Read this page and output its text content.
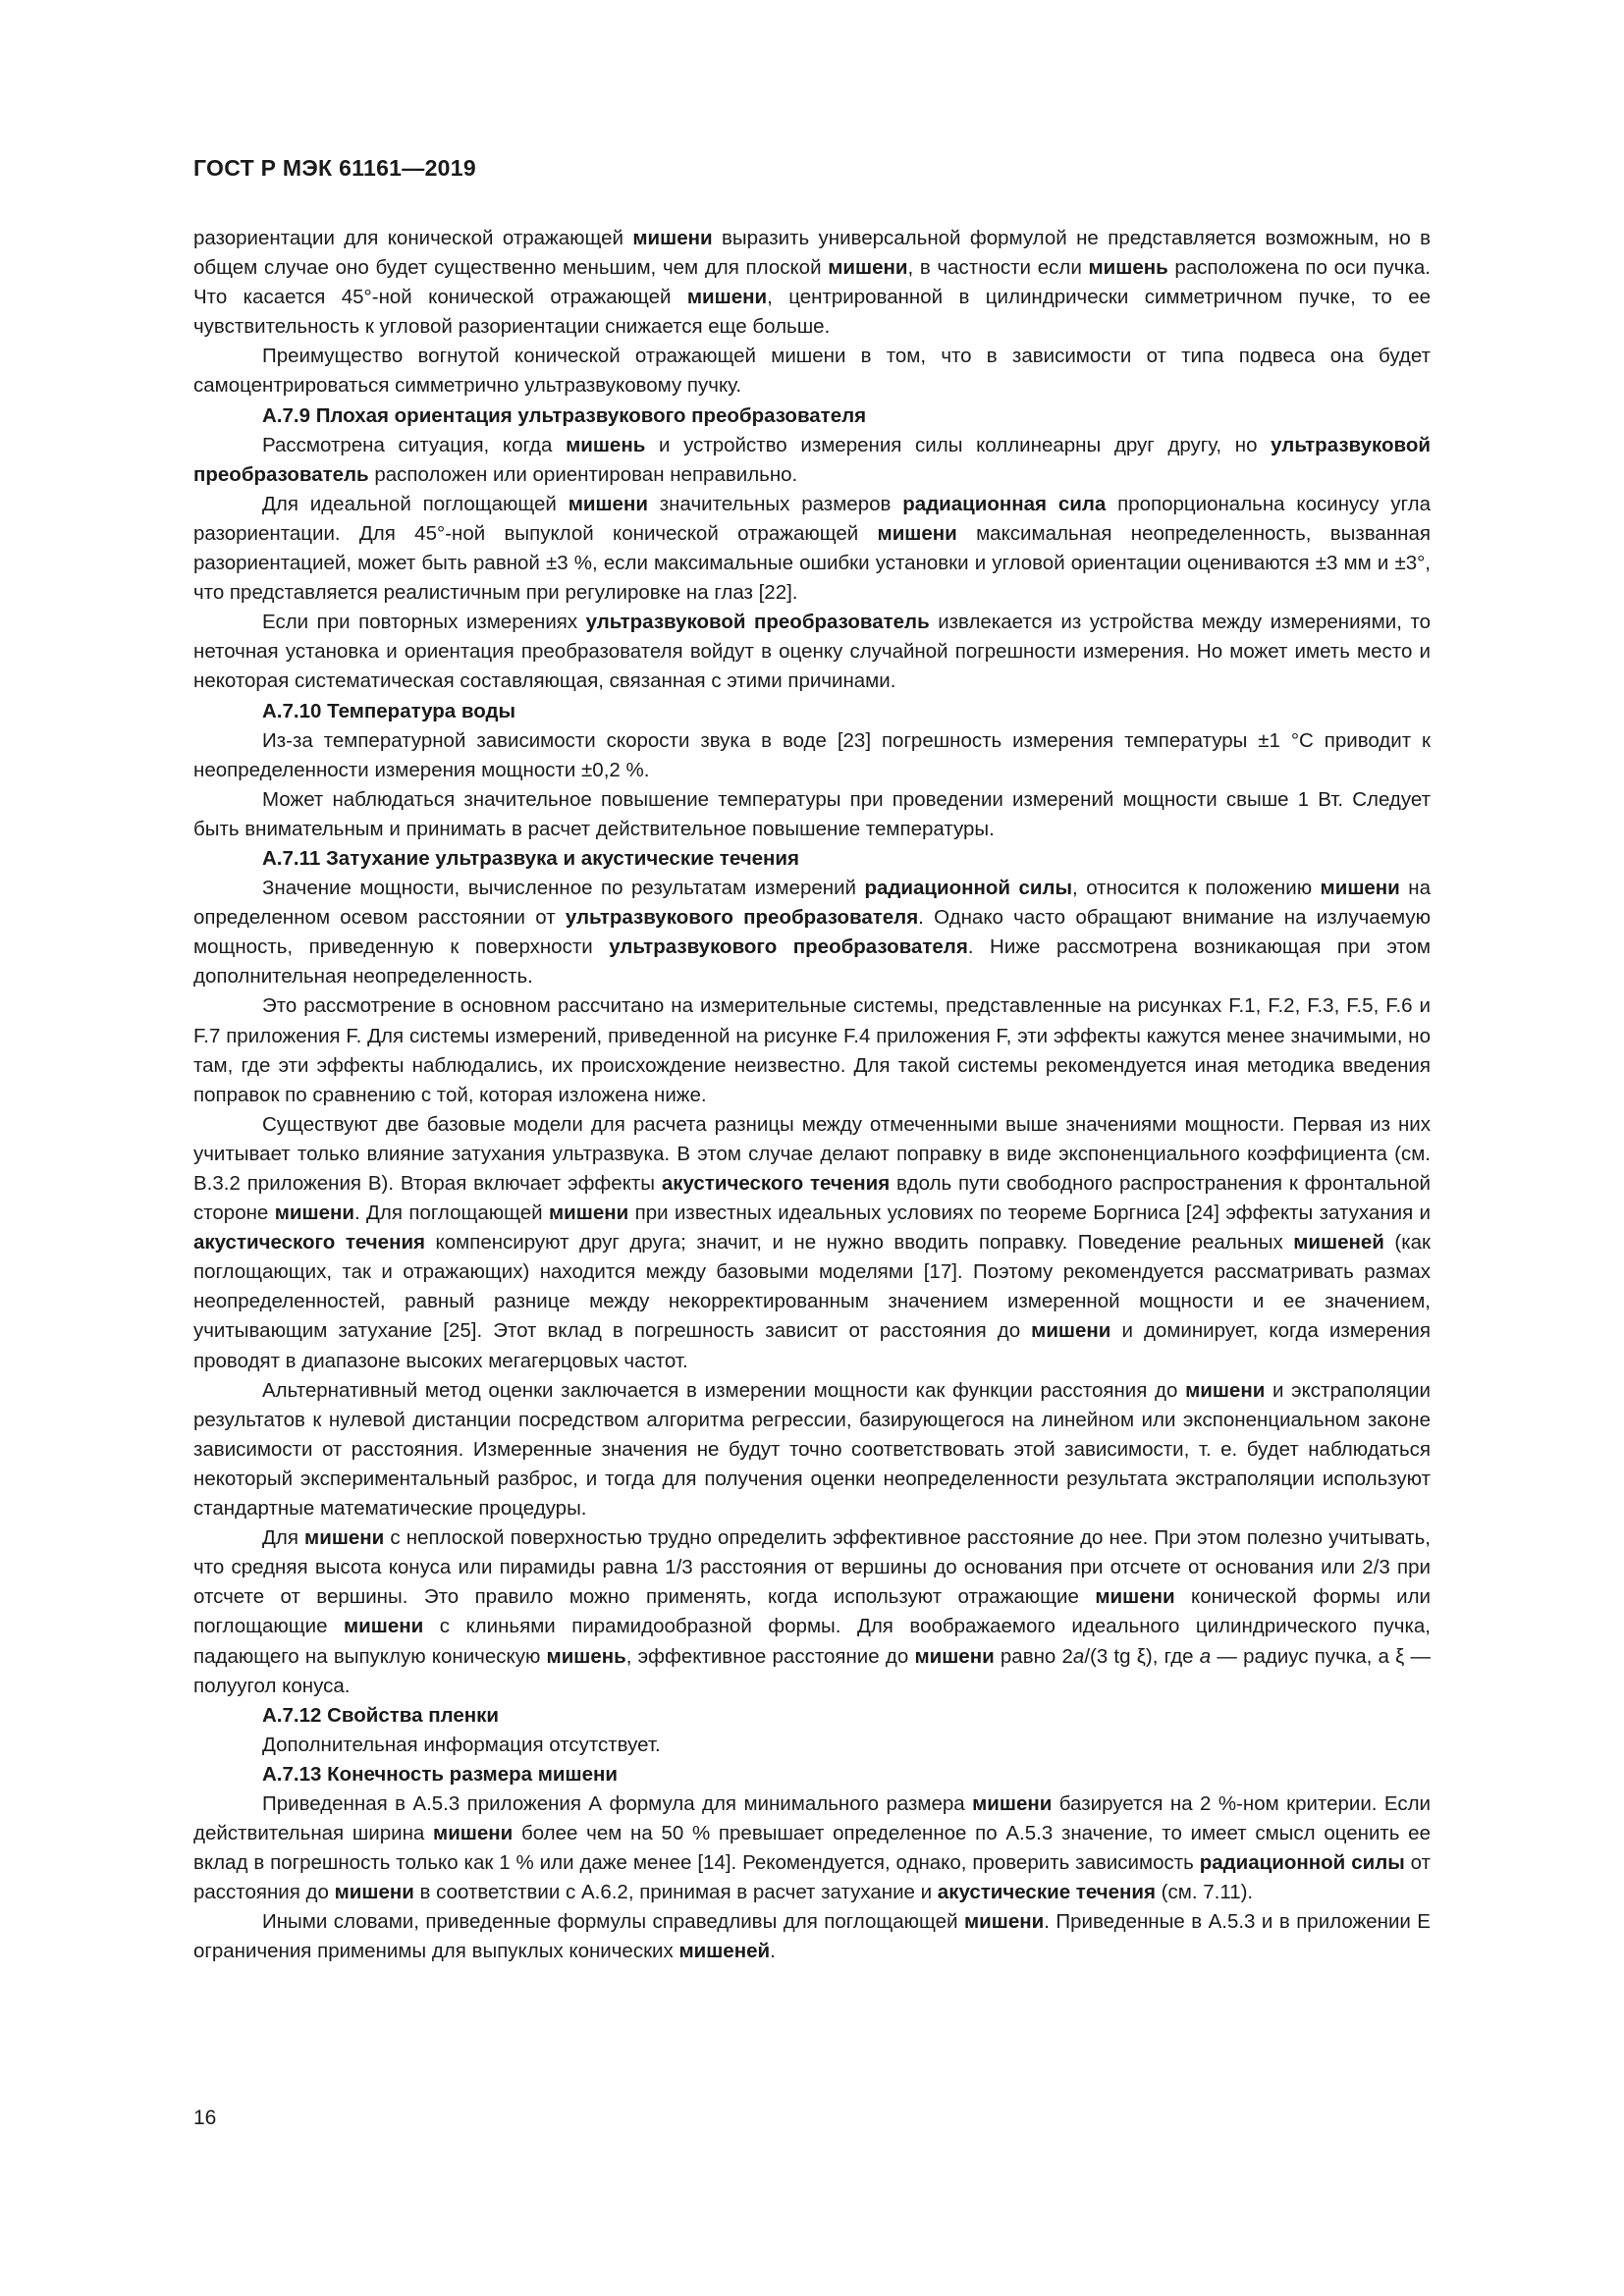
ГОСТ Р МЭК 61161—2019

разориентации для конической отражающей мишени выразить универсальной формулой не представляется возможным, но в общем случае оно будет существенно меньшим, чем для плоской мишени, в частности если мишень расположена по оси пучка. Что касается 45°-ной конической отражающей мишени, центрированной в цилиндрически симметричном пучке, то ее чувствительность к угловой разориентации снижается еще больше.

Преимущество вогнутой конической отражающей мишени в том, что в зависимости от типа подвеса она будет самоцентрироваться симметрично ультразвуковому пучку.

А.7.9 Плохая ориентация ультразвукового преобразователя

Рассмотрена ситуация, когда мишень и устройство измерения силы коллинеарны друг другу, но ультразвуковой преобразователь расположен или ориентирован неправильно.

Для идеальной поглощающей мишени значительных размеров радиационная сила пропорциональна косинусу угла разориентации. Для 45°-ной выпуклой конической отражающей мишени максимальная неопределенность, вызванная разориентацией, может быть равной ±3 %, если максимальные ошибки установки и угловой ориентации оцениваются ±3 мм и ±3°, что представляется реалистичным при регулировке на глаз [22].

Если при повторных измерениях ультразвуковой преобразователь извлекается из устройства между измерениями, то неточная установка и ориентация преобразователя войдут в оценку случайной погрешности измерения. Но может иметь место и некоторая систематическая составляющая, связанная с этими причинами.

А.7.10 Температура воды

Из-за температурной зависимости скорости звука в воде [23] погрешность измерения температуры ±1 °С приводит к неопределенности измерения мощности ±0,2 %.

Может наблюдаться значительное повышение температуры при проведении измерений мощности свыше 1 Вт. Следует быть внимательным и принимать в расчет действительное повышение температуры.

А.7.11 Затухание ультразвука и акустические течения

Значение мощности, вычисленное по результатам измерений радиационной силы, относится к положению мишени на определенном осевом расстоянии от ультразвукового преобразователя. Однако часто обращают внимание на излучаемую мощность, приведенную к поверхности ультразвукового преобразователя. Ниже рассмотрена возникающая при этом дополнительная неопределенность.

Это рассмотрение в основном рассчитано на измерительные системы, представленные на рисунках F.1, F.2, F.3, F.5, F.6 и F.7 приложения F. Для системы измерений, приведенной на рисунке F.4 приложения F, эти эффекты кажутся менее значимыми, но там, где эти эффекты наблюдались, их происхождение неизвестно. Для такой системы рекомендуется иная методика введения поправок по сравнению с той, которая изложена ниже.

Существуют две базовые модели для расчета разницы между отмеченными выше значениями мощности. Первая из них учитывает только влияние затухания ультразвука. В этом случае делают поправку в виде экспоненциального коэффициента (см. В.3.2 приложения В). Вторая включает эффекты акустического течения вдоль пути свободного распространения к фронтальной стороне мишени. Для поглощающей мишени при известных идеальных условиях по теореме Боргниса [24] эффекты затухания и акустического течения компенсируют друг друга; значит, и не нужно вводить поправку. Поведение реальных мишеней (как поглощающих, так и отражающих) находится между базовыми моделями [17]. Поэтому рекомендуется рассматривать размах неопределенностей, равный разнице между некорректированным значением измеренной мощности и ее значением, учитывающим затухание [25]. Этот вклад в погрешность зависит от расстояния до мишени и доминирует, когда измерения проводят в диапазоне высоких мегагерцовых частот.

Альтернативный метод оценки заключается в измерении мощности как функции расстояния до мишени и экстраполяции результатов к нулевой дистанции посредством алгоритма регрессии, базирующегося на линейном или экспоненциальном законе зависимости от расстояния. Измеренные значения не будут точно соответствовать этой зависимости, т. е. будет наблюдаться некоторый экспериментальный разброс, и тогда для получения оценки неопределенности результата экстраполяции используют стандартные математические процедуры.

Для мишени с неплоской поверхностью трудно определить эффективное расстояние до нее. При этом полезно учитывать, что средняя высота конуса или пирамиды равна 1/3 расстояния от вершины до основания при отсчете от основания или 2/3 при отсчете от вершины. Это правило можно применять, когда используют отражающие мишени конической формы или поглощающие мишени с клиньями пирамидообразной формы. Для воображаемого идеального цилиндрического пучка, падающего на выпуклую коническую мишень, эффективное расстояние до мишени равно 2a/(3 tg ξ), где a — радиус пучка, а ξ — полуугол конуса.

А.7.12 Свойства пленки

Дополнительная информация отсутствует.

А.7.13 Конечность размера мишени

Приведенная в А.5.3 приложения А формула для минимального размера мишени базируется на 2 %-ном критерии. Если действительная ширина мишени более чем на 50 % превышает определенное по А.5.3 значение, то имеет смысл оценить ее вклад в погрешность только как 1 % или даже менее [14]. Рекомендуется, однако, проверить зависимость радиационной силы от расстояния до мишени в соответствии с А.6.2, принимая в расчет затухание и акустические течения (см. 7.11).

Иными словами, приведенные формулы справедливы для поглощающей мишени. Приведенные в А.5.3 и в приложении Е ограничения применимы для выпуклых конических мишеней.

16
